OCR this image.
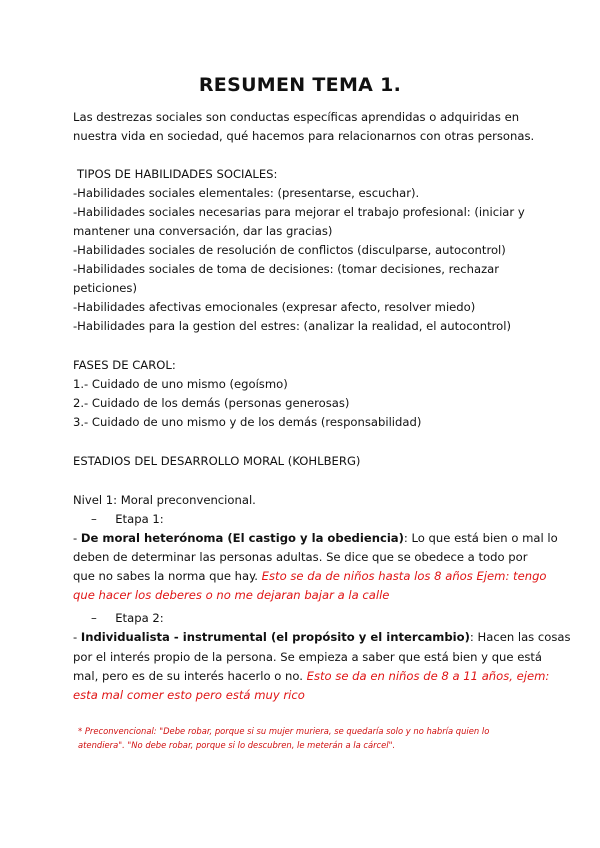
RESUMEN TEMA 1.
Las destrezas sociales son conductas específicas aprendidas o adquiridas en
nuestra vida en sociedad, qué hacemos para relacionarnos con otras personas.
TIPOS DE HABILIDADES SOCIALES:
-Habilidades sociales elementales: (presentarse, escuchar).
-Habilidades sociales necesarias para mejorar el trabajo profesional: (iniciar y
mantener una conversación, dar las gracias)
-Habilidades sociales de resolución de conflictos (disculparse, autocontrol)
-Habilidades sociales de toma de decisiones: (tomar decisiones, rechazar
peticiones)
-Habilidades afectivas emocionales (expresar afecto, resolver miedo)
-Habilidades para la gestion del estres: (analizar la realidad, el autocontrol)
FASES DE CAROL:
1.- Cuidado de uno mismo (egoísmo)
2.- Cuidado de los demás (personas generosas)
3.- Cuidado de uno mismo y de los demás (responsabilidad)
ESTADIOS DEL DESARROLLO MORAL (KOHLBERG)
Nivel 1: Moral preconvencional.
–     Etapa 1:
- De moral heterónoma (El castigo y la obediencia): Lo que está bien o mal lo
deben de determinar las personas adultas. Se dice que se obedece a todo por
que no sabes la norma que hay. Esto se da de niños hasta los 8 años Ejem: tengo
que hacer los deberes o no me dejaran bajar a la calle
–     Etapa 2:
- Individualista - instrumental (el propósito y el intercambio): Hacen las cosas
por el interés propio de la persona. Se empieza a saber que está bien y que está
mal, pero es de su interés hacerlo o no. Esto se da en niños de 8 a 11 años, ejem:
esta mal comer esto pero está muy rico
* Preconvencional: "Debe robar, porque si su mujer muriera, se quedaría solo y no habría quien lo
atendiera". "No debe robar, porque si lo descubren, le meterán a la cárcel".
